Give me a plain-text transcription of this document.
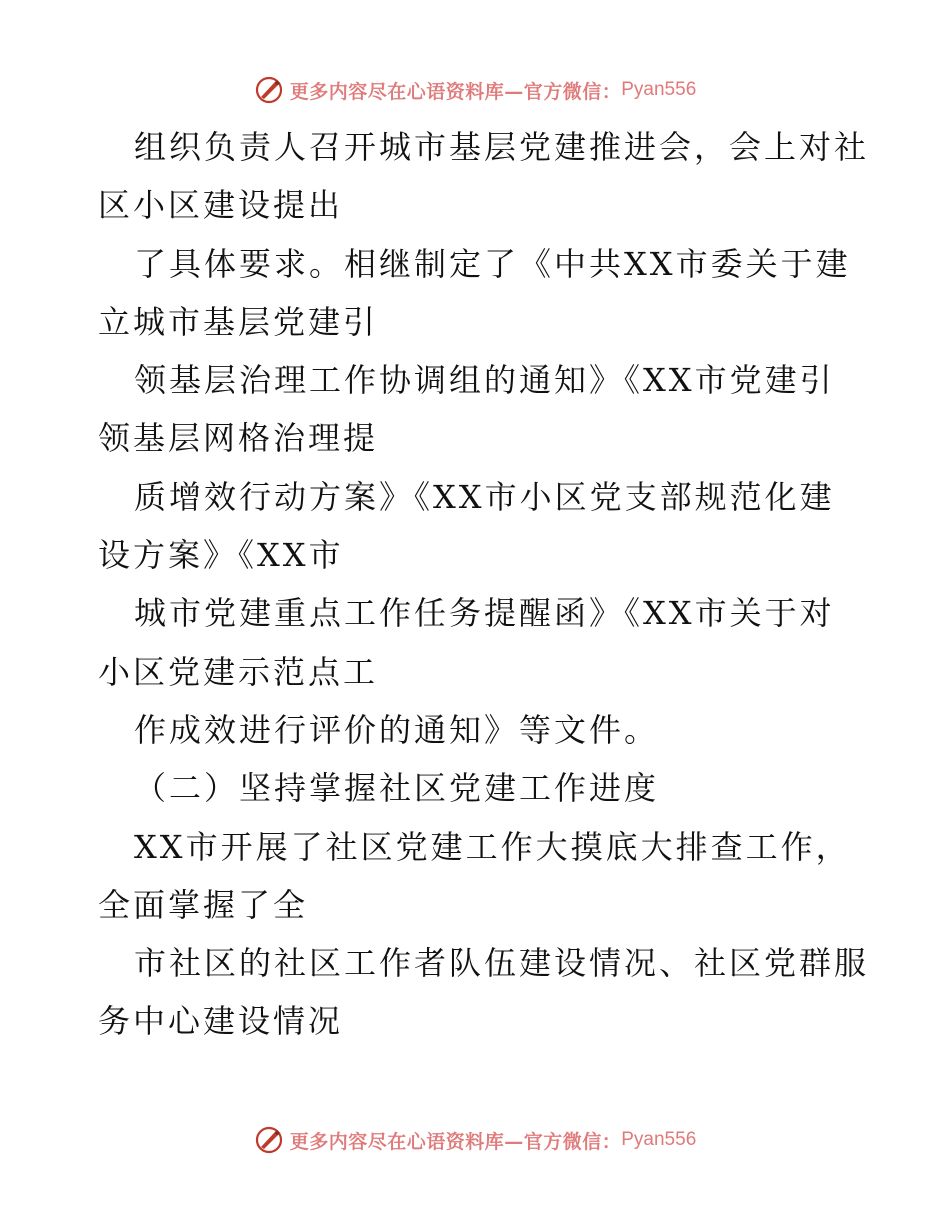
更多内容尽在心语资料库—官方微信： Pyan556
组织负责人召开城市基层党建推进会，会上对社
区小区建设提出
了具体要求。相继制定了《中共XX市委关于建
立城市基层党建引
领基层治理工作协调组的通知》《XX市党建引
领基层网格治理提
质增效行动方案》《XX市小区党支部规范化建
设方案》《XX市
城市党建重点工作任务提醒函》《XX市关于对
小区党建示范点工
作成效进行评价的通知》等文件。
（二）坚持掌握社区党建工作进度
XX市开展了社区党建工作大摸底大排查工作，
全面掌握了全
市社区的社区工作者队伍建设情况、社区党群服
务中心建设情况
更多内容尽在心语资料库—官方微信： Pyan556
